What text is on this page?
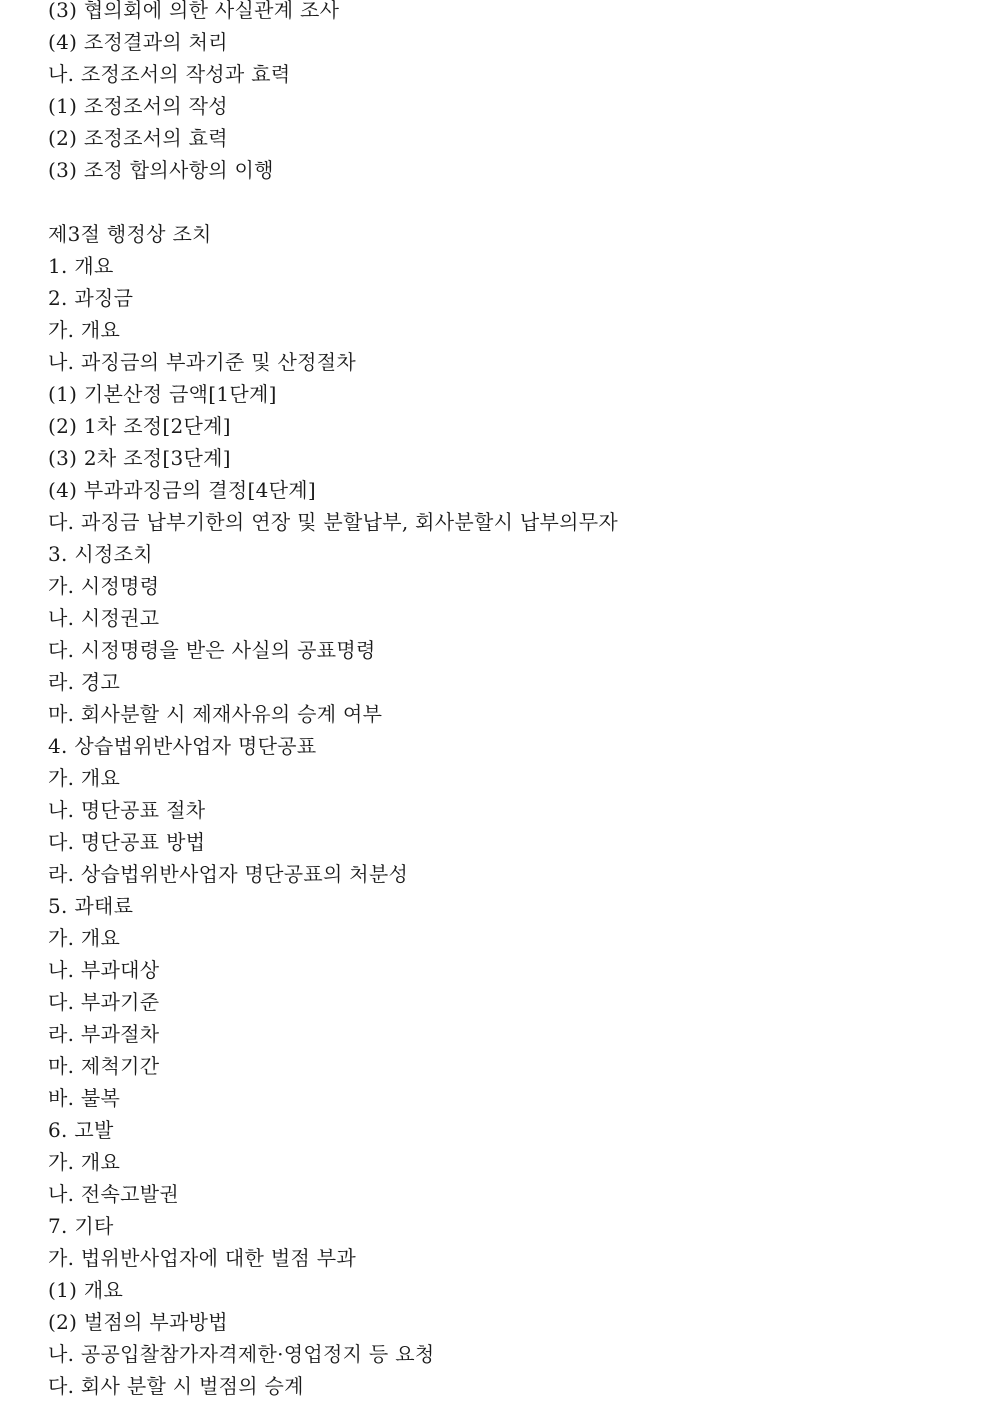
(3) 협의회에 의한 사실관계 조사
(4) 조정결과의 처리
나. 조정조서의 작성과 효력
(1) 조정조서의 작성
(2) 조정조서의 효력
(3) 조정 합의사항의 이행
제3절 행정상 조치
1. 개요
2. 과징금
가. 개요
나. 과징금의 부과기준 및 산정절차
(1) 기본산정 금액[1단계]
(2) 1차 조정[2단계]
(3) 2차 조정[3단계]
(4) 부과과징금의 결정[4단계]
다. 과징금 납부기한의 연장 및 분할납부, 회사분할시 납부의무자
3. 시정조치
가. 시정명령
나. 시정권고
다. 시정명령을 받은 사실의 공표명령
라. 경고
마. 회사분할 시 제재사유의 승계 여부
4. 상습법위반사업자 명단공표
가. 개요
나. 명단공표 절차
다. 명단공표 방법
라. 상습법위반사업자 명단공표의 처분성
5. 과태료
가. 개요
나. 부과대상
다. 부과기준
라. 부과절차
마. 제척기간
바. 불복
6. 고발
가. 개요
나. 전속고발권
7. 기타
가. 법위반사업자에 대한 벌점 부과
(1) 개요
(2) 벌점의 부과방법
나. 공공입찰참가자격제한·영업정지 등 요청
다. 회사 분할 시 벌점의 승계
